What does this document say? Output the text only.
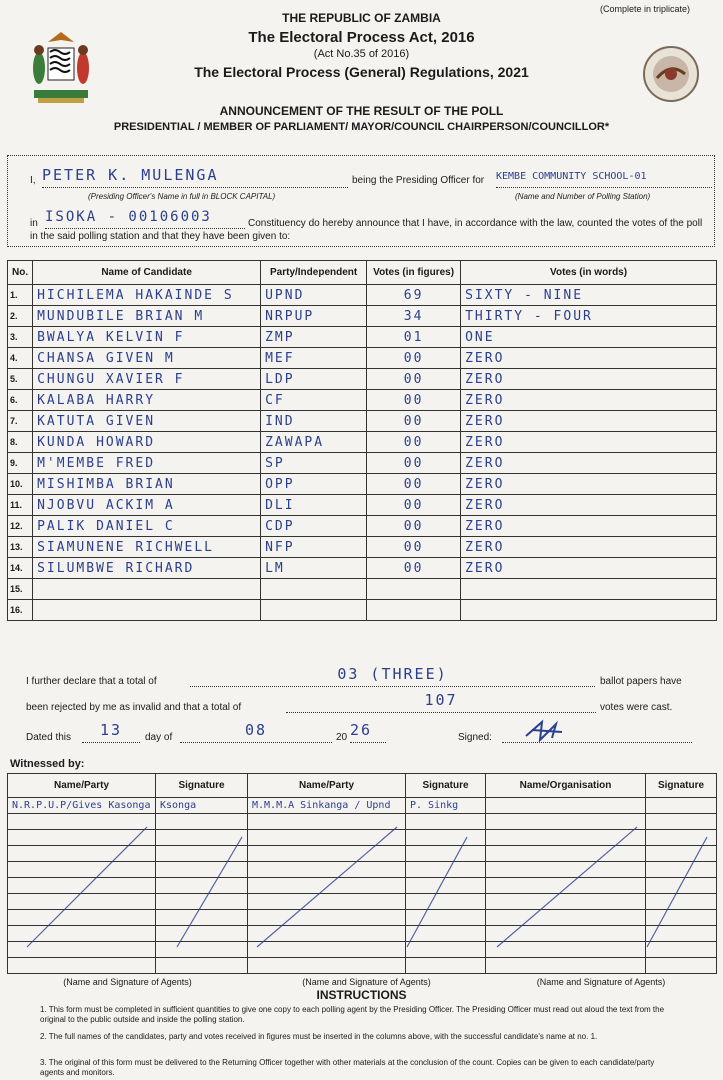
(Complete in triplicate)
THE REPUBLIC OF ZAMBIA
The Electoral Process Act, 2016
(Act No.35 of 2016)
The Electoral Process (General) Regulations, 2021
ANNOUNCEMENT OF THE RESULT OF THE POLL
PRESIDENTIAL / MEMBER OF PARLIAMENT/ MAYOR/COUNCIL CHAIRPERSON/COUNCILLOR*
I, PETER K. MULENGA	being the Presiding Officer for KEMBE COMMUNITY SCHOOL-01
(Presiding Officer's Name in full in BLOCK CAPITAL)	(Name and Number of Polling Station)
in ISOKA - 00106003	Constituency do hereby announce that I have, in accordance with the law, counted the votes of the poll in the said polling station and that they have been given to:
No.	Name of Candidate	Party/Independent	Votes (in figures)	Votes (in words)
1.	HICHILEMA HAKAINDE S	UPND	69	SIXTY - NINE
2.	MUNDUBILE BRIAN M	NRPUP	34	THIRTY - FOUR
3.	BWALYA KELVIN F	ZMP	01	ONE
4.	CHANSA GIVEN M	MEF	00	ZERO
5.	CHUNGU XAVIER F	LDP	00	ZERO
6.	KALABA HARRY	CF	00	ZERO
7.	KATUTA GIVEN	IND	00	ZERO
8.	KUNDA HOWARD	ZAWAPA	00	ZERO
9.	M'MEMBE FRED	SP	00	ZERO
10.	MISHIMBA BRIAN	OPP	00	ZERO
11.	NJOBVU ACKIM A	DLI	00	ZERO
12.	PALIK DANIEL C	CDP	00	ZERO
13.	SIAMUNENE RICHWELL	NFP	00	ZERO
14.	SILUMBWE RICHARD	LM	00	ZERO
15.				
16.				
I further declare that a total of	03 (THREE)	ballot papers have
been rejected by me as invalid and that a total of	107	votes were cast.
Dated this	13	day of	08	20 26	Signed:
Witnessed by:
Name/Party	Signature	Name/Party	Signature	Name/Organisation	Signature
N.R.P.U.P/Gives Kasonga	Ksonga	M.M.M.A Sinkanga / Upnd	P. Sinkg		

(Name and Signature of Agents)		(Name and Signature of Agents)		(Name and Signature of Agents)	
INSTRUCTIONS
1. This form must be completed in sufficient quantities to give one copy to each polling agent by the Presiding Officer. The Presiding Officer must read out aloud the text from the original to the public outside and inside the polling station.
2. The full names of the candidates, party and votes received in figures must be inserted in the columns above, with the successful candidate's name at no. 1.
3. The original of this form must be delivered to the Returning Officer together with other materials at the conclusion of the count. Copies can be given to each candidate/party agents and monitors.
